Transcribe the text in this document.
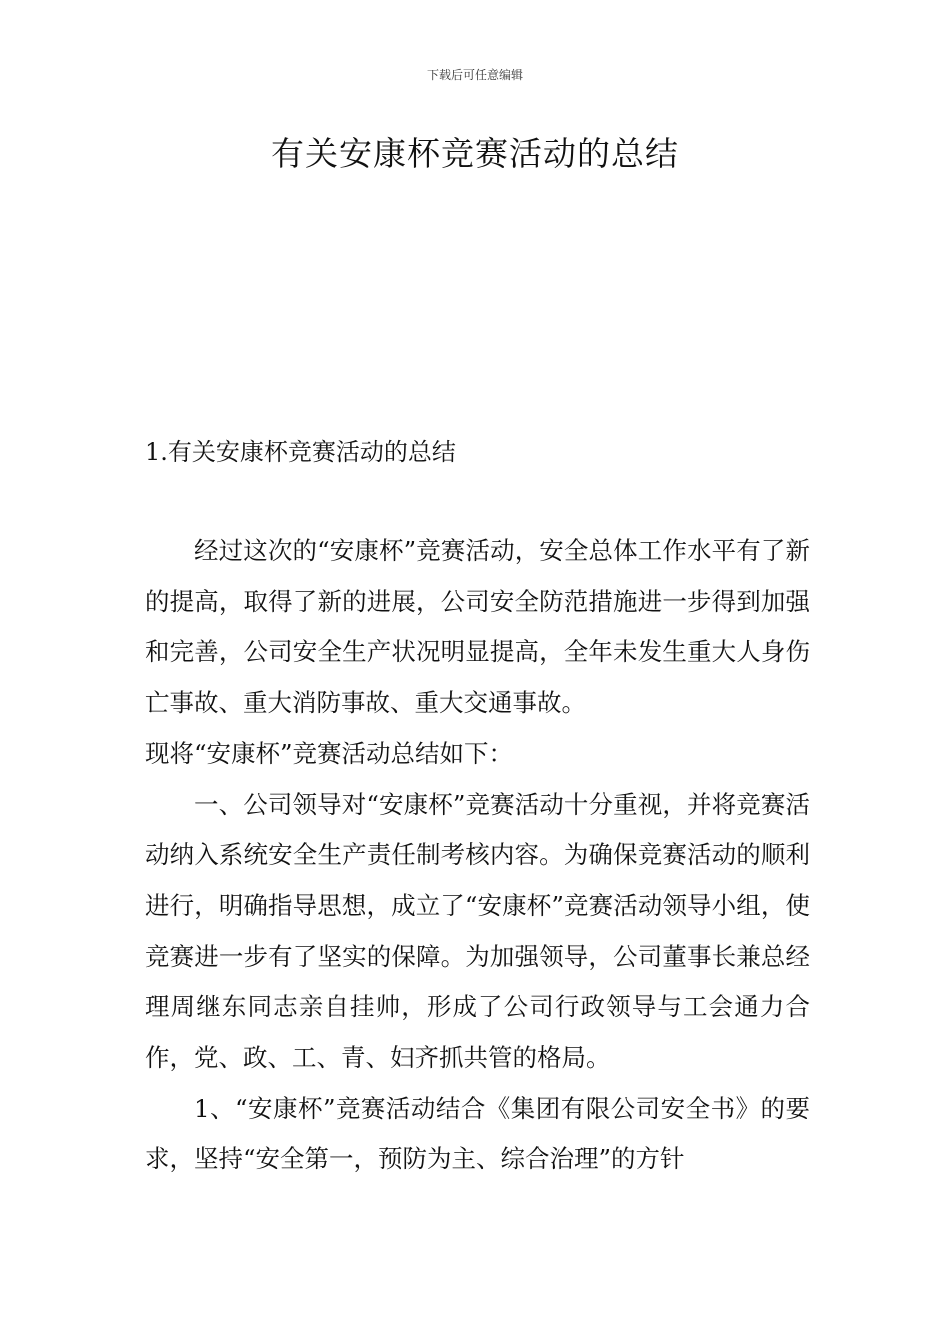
下载后可任意编辑
有关安康杯竞赛活动的总结
1.有关安康杯竞赛活动的总结

经过这次的“安康杯”竞赛活动，安全总体工作水平有了新的提高，取得了新的进展，公司安全防范措施进一步得到加强和完善，公司安全生产状况明显提高，全年未发生重大人身伤亡事故、重大消防事故、重大交通事故。

现将“安康杯”竞赛活动总结如下：

一、公司领导对“安康杯”竞赛活动十分重视，并将竞赛活动纳入系统安全生产责任制考核内容。为确保竞赛活动的顺利进行，明确指导思想，成立了“安康杯”竞赛活动领导小组，使竞赛进一步有了坚实的保障。为加强领导，公司董事长兼总经理周继东同志亲自挂帅，形成了公司行政领导与工会通力合作，党、政、工、青、妇齐抓共管的格局。

1、“安康杯”竞赛活动结合《集团有限公司安全书》的要求，坚持“安全第一，预防为主、综合治理”的方针
